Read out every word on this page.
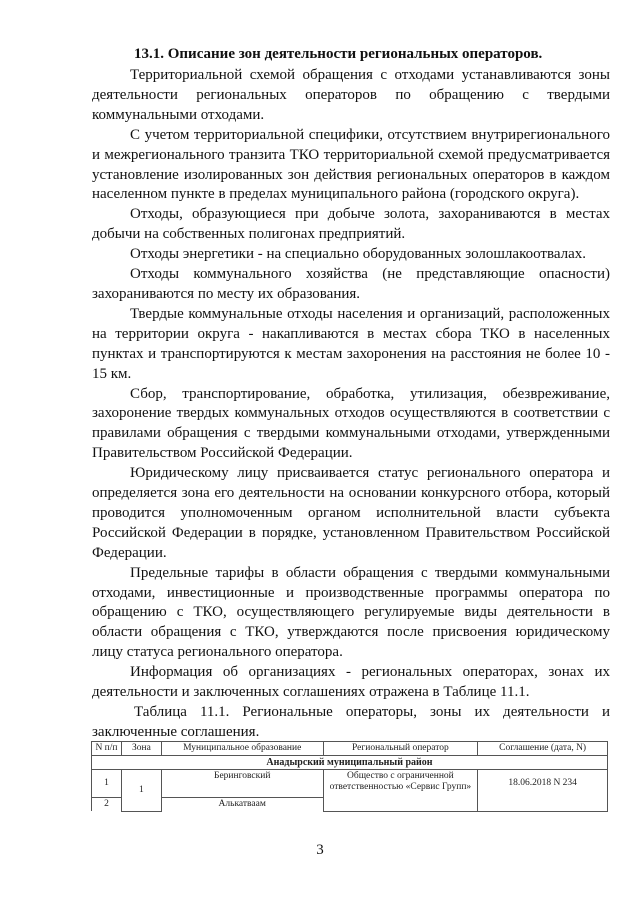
13.1. Описание зон деятельности региональных операторов.

Территориальной схемой обращения с отходами устанавливаются зоны деятельности региональных операторов по обращению с твердыми коммунальными отходами.

С учетом территориальной специфики, отсутствием внутрирегионального и межрегионального транзита ТКО территориальной схемой предусматривается установление изолированных зон действия региональных операторов в каждом населенном пункте в пределах муниципального района (городского округа).

Отходы, образующиеся при добыче золота, захораниваются в местах добычи на собственных полигонах предприятий.

Отходы энергетики - на специально оборудованных золошлакоотвалах.

Отходы коммунального хозяйства (не представляющие опасности) захораниваются по месту их образования.

Твердые коммунальные отходы населения и организаций, расположенных на территории округа - накапливаются в местах сбора ТКО в населенных пунктах и транспортируются к местам захоронения на расстояния не более 10 - 15 км.

Сбор, транспортирование, обработка, утилизация, обезвреживание, захоронение твердых коммунальных отходов осуществляются в соответствии с правилами обращения с твердыми коммунальными отходами, утвержденными Правительством Российской Федерации.

Юридическому лицу присваивается статус регионального оператора и определяется зона его деятельности на основании конкурсного отбора, который проводится уполномоченным органом исполнительной власти субъекта Российской Федерации в порядке, установленном Правительством Российской Федерации.

Предельные тарифы в области обращения с твердыми коммунальными отходами, инвестиционные и производственные программы оператора по обращению с ТКО, осуществляющего регулируемые виды деятельности в области обращения с ТКО, утверждаются после присвоения юридическому лицу статуса регионального оператора.

Информация об организациях - региональных операторах, зонах их деятельности и заключенных соглашениях отражена в Таблице 11.1.

Таблица 11.1. Региональные операторы, зоны их деятельности и заключенные соглашения.

N п/п	Зона	Муниципальное образование	Региональный оператор	Соглашение (дата, N)
Анадырский муниципальный район				
1	1	Беринговский	Общество с ограниченной ответственностью «Сервис Групп»	18.06.2018 N 234
2		Алькатваам		
3
